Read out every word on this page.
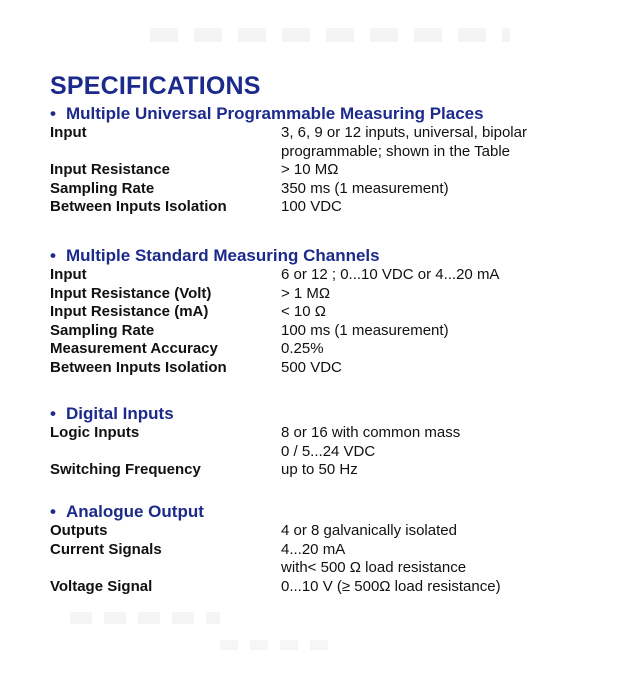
SPECIFICATIONS
• Multiple Universal Programmable Measuring Places
Input	3, 6, 9 or 12 inputs, universal, bipolar
programmable; shown in the Table
Input Resistance	> 10 MΩ
Sampling Rate	350 ms (1 measurement)
Between Inputs Isolation	100 VDC
• Multiple Standard Measuring Channels
Input	6 or 12 ; 0...10 VDC or 4...20 mA
Input Resistance (Volt)	> 1 MΩ
Input Resistance (mA)	< 10 Ω
Sampling Rate	100 ms (1 measurement)
Measurement Accuracy	0.25%
Between Inputs Isolation	500 VDC
• Digital Inputs
Logic Inputs	8 or 16 with common mass
0 / 5...24 VDC
Switching Frequency	up to 50 Hz
• Analogue Output
Outputs	4 or 8 galvanically isolated
Current Signals	4...20 mA
with< 500 Ω load resistance
Voltage Signal	0...10 V (≥ 500Ω load resistance)
